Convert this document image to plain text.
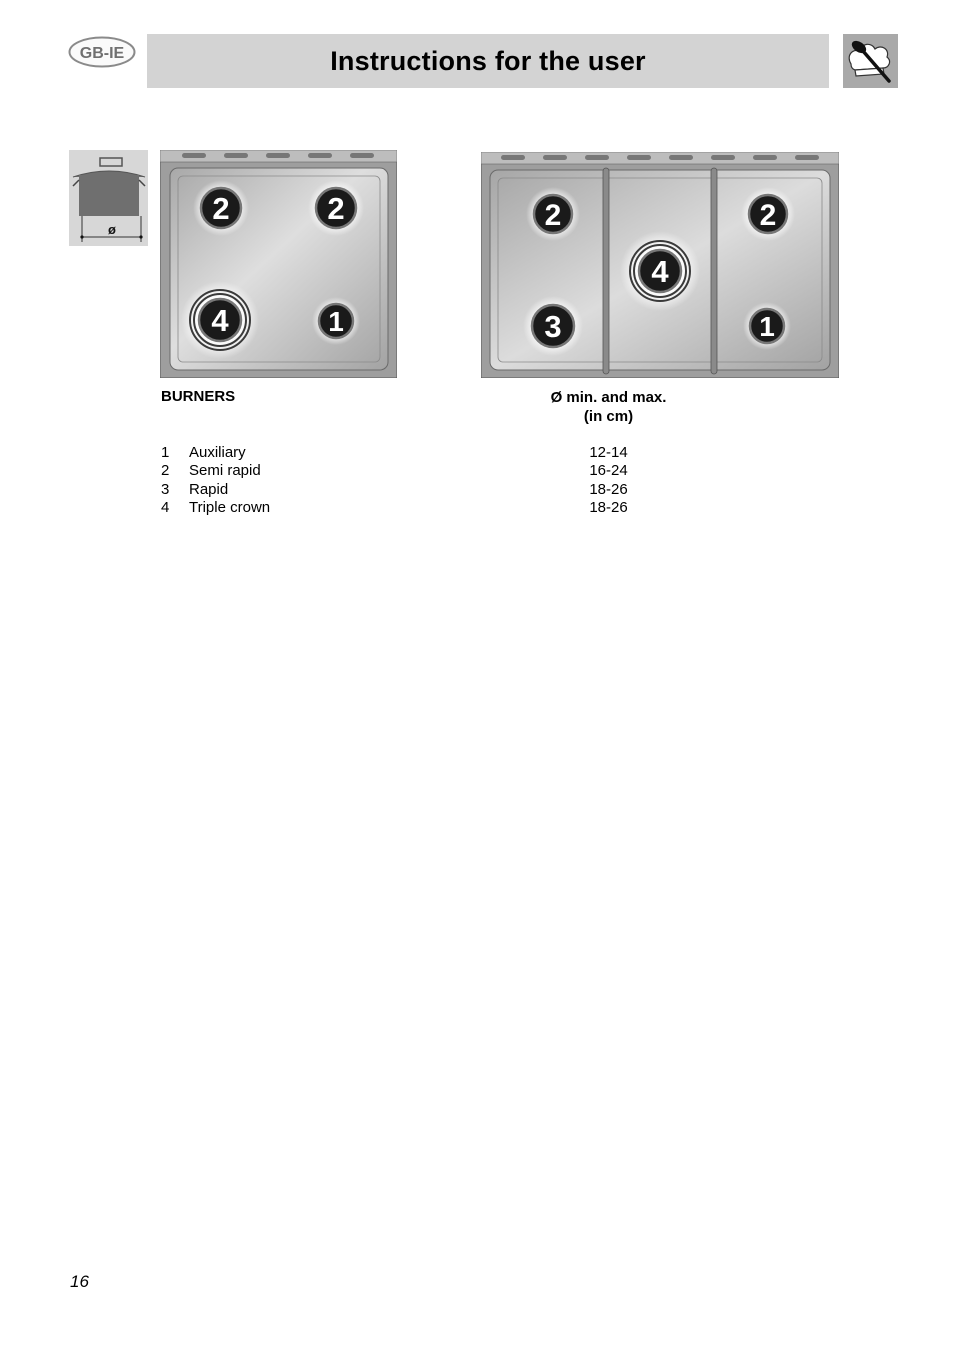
GB-IE	Instructions for the user
ø
2	2
4	1
2	2
4
3	1
BURNERS	Ø min. and max.
(in cm)
1 Auxiliary	12-14
2 Semi rapid	16-24
3 Rapid	18-26
4 Triple crown	18-26
16
